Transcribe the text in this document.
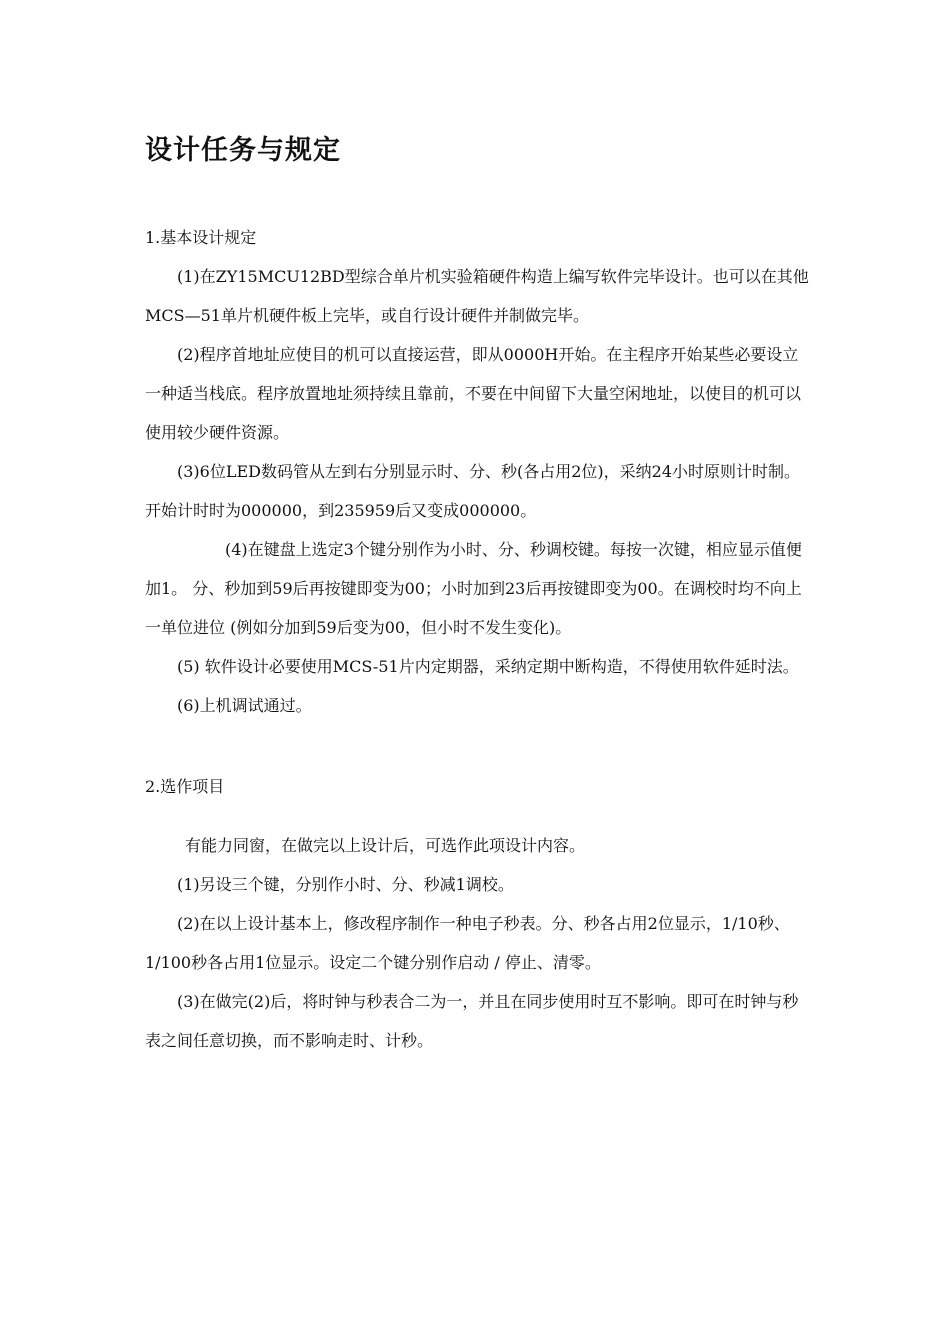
设计任务与规定

1.基本设计规定

(1)在ZY15MCU12BD型综合单片机实验箱硬件构造上编写软件完毕设计。也可以在其他MCS—51单片机硬件板上完毕，或自行设计硬件并制做完毕。

(2)程序首地址应使目的机可以直接运营，即从0000H开始。在主程序开始某些必要设立一种适当栈底。程序放置地址须持续且靠前，不要在中间留下大量空闲地址，以使目的机可以使用较少硬件资源。

(3)6位LED数码管从左到右分别显示时、分、秒(各占用2位)，采纳24小时原则计时制。开始计时时为000000，到235959后又变成000000。

(4)在键盘上选定3个键分别作为小时、分、秒调校键。每按一次键，相应显示值便加1。 分、秒加到59后再按键即变为00；小时加到23后再按键即变为00。在调校时均不向上一单位进位 (例如分加到59后变为00，但小时不发生变化)。

(5) 软件设计必要使用MCS-51片内定期器，采纳定期中断构造，不得使用软件延时法。

(6)上机调试通过。

2.选作项目

有能力同窗，在做完以上设计后，可选作此项设计内容。

(1)另设三个键，分别作小时、分、秒减1调校。

(2)在以上设计基本上，修改程序制作一种电子秒表。分、秒各占用2位显示，1/10秒、1/100秒各占用1位显示。设定二个键分别作启动 / 停止、清零。

(3)在做完(2)后，将时钟与秒表合二为一，并且在同步使用时互不影响。即可在时钟与秒表之间任意切换，而不影响走时、计秒。
